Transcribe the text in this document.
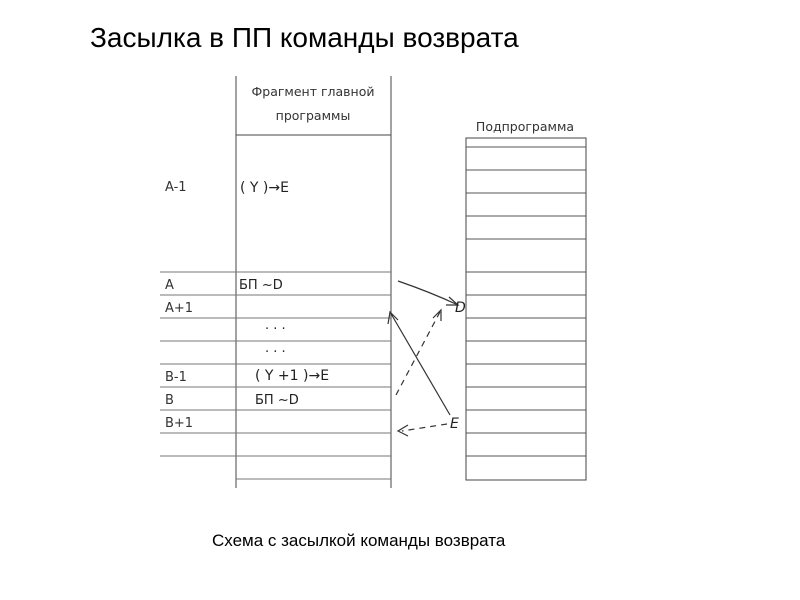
Засылка в ПП команды возврата
Фрагмент главной
программы
A-1
A
A+1
B-1
B
B+1
( Y )→E
БП ~D
· · ·
· · ·
( Y +1 )→E
БП ~D
Подпрограмма
D
E
Схема с засылкой команды возврата
